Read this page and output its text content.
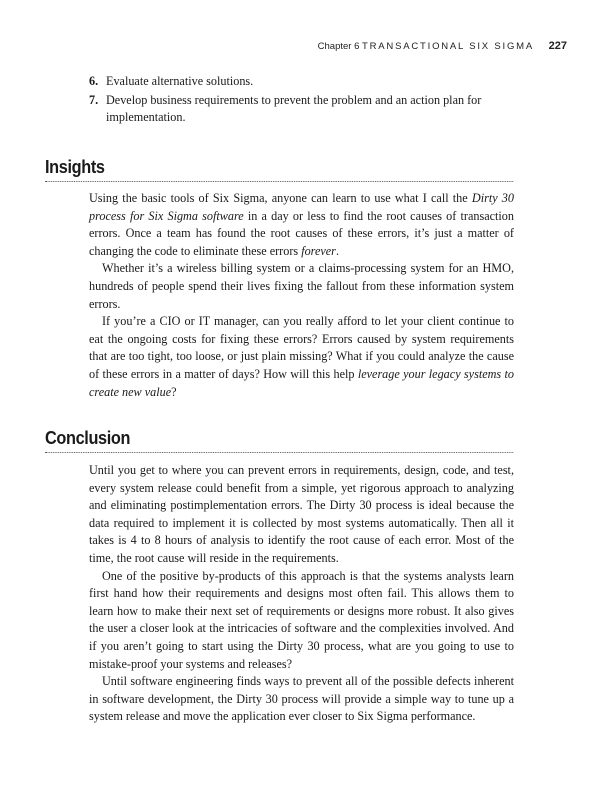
Chapter 6 TRANSACTIONAL SIX SIGMA 227
6. Evaluate alternative solutions.
7. Develop business requirements to prevent the problem and an action plan for implementation.
Insights

Using the basic tools of Six Sigma, anyone can learn to use what I call the Dirty 30 process for Six Sigma software in a day or less to find the root causes of transaction errors. Once a team has found the root causes of these errors, it’s just a matter of changing the code to eliminate these errors forever.

Whether it’s a wireless billing system or a claims-processing system for an HMO, hundreds of people spend their lives fixing the fallout from these information system errors.

If you’re a CIO or IT manager, can you really afford to let your client continue to eat the ongoing costs for fixing these errors? Errors caused by system requirements that are too tight, too loose, or just plain missing? What if you could analyze the cause of these errors in a matter of days? How will this help leverage your legacy systems to create new value?

Conclusion

Until you get to where you can prevent errors in requirements, design, code, and test, every system release could benefit from a simple, yet rigorous approach to analyzing and eliminating postimplementation errors. The Dirty 30 process is ideal because the data required to implement it is collected by most systems automatically. Then all it takes is 4 to 8 hours of analysis to identify the root cause of each error. Most of the time, the root cause will reside in the requirements.

One of the positive by-products of this approach is that the systems analysts learn first hand how their requirements and designs most often fail. This allows them to learn how to make their next set of requirements or designs more robust. It also gives the user a closer look at the intricacies of software and the complexities involved. And if you aren’t going to start using the Dirty 30 process, what are you going to use to mistake-proof your systems and releases?

Until software engineering finds ways to prevent all of the possible defects inherent in software development, the Dirty 30 process will provide a simple way to tune up a system release and move the application ever closer to Six Sigma performance.
